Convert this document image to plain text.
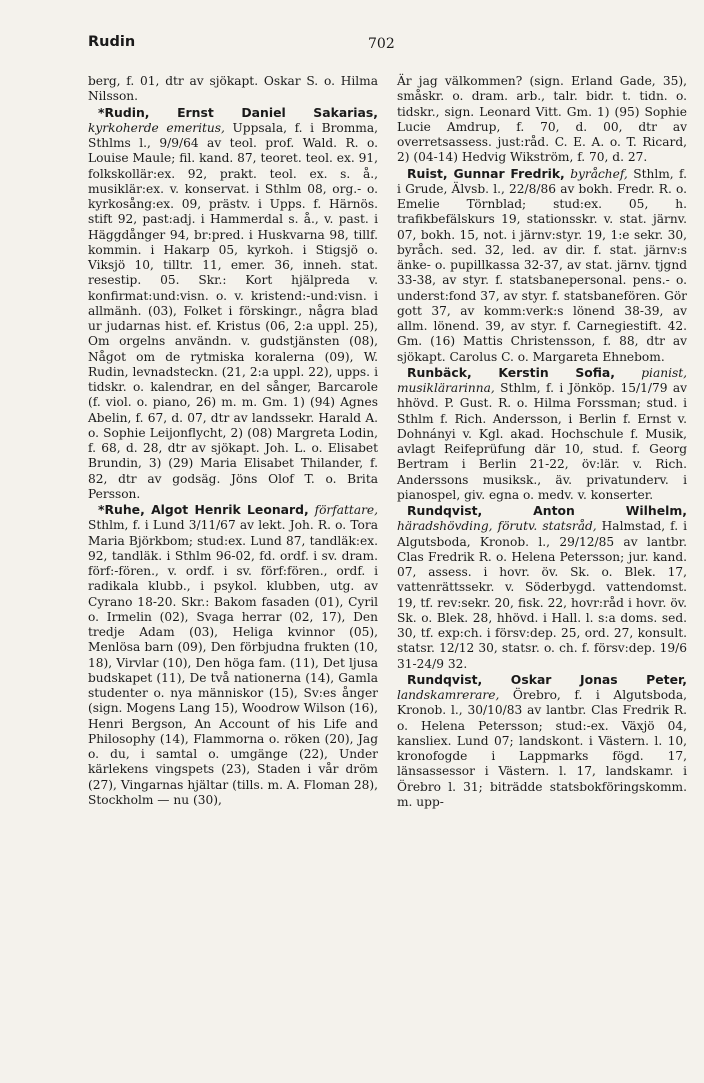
Rudin	702

berg, f. 01, dtr av sjökapt. Oskar S. o. Hilma Nilsson.

*Rudin, Ernst Daniel Sakarias, kyrkoherde emeritus, Uppsala, f. i Bromma, Sthlms l., 9/9/64 av teol. prof. Wald. R. o. Louise Maule; fil. kand. 87, teoret. teol. ex. 91, folkskollär:ex. 92, prakt. teol. ex. s. å., musiklär:ex. v. konservat. i Sthlm 08, org.- o. kyrkosång:ex. 09, prästv. i Upps. f. Härnös. stift 92, past:adj. i Hammerdal s. å., v. past. i Häggdånger 94, br:pred. i Huskvarna 98, tillf. kommin. i Hakarp 05, kyrkoh. i Stigsjö o. Viksjö 10, tilltr. 11, emer. 36, inneh. stat. resestip. 05. Skr.: Kort hjälpreda v. konfirmat:und:visn. o. v. kristend:-und:visn. i allmänh. (03), Folket i förskingr., några blad ur judarnas hist. ef. Kristus (06, 2:a uppl. 25), Om orgelns användn. v. gudstjänsten (08), Något om de rytmiska koralerna (09), W. Rudin, levnadsteckn. (21, 2:a uppl. 22), upps. i tidskr. o. kalendrar, en del sånger, Barcarole (f. viol. o. piano, 26) m. m. Gm. 1) (94) Agnes Abelin, f. 67, d. 07, dtr av landssekr. Harald A. o. Sophie Leijonflycht, 2) (08) Margreta Lodin, f. 68, d. 28, dtr av sjökapt. Joh. L. o. Elisabet Brundin, 3) (29) Maria Elisabet Thilander, f. 82, dtr av godsäg. Jöns Olof T. o. Brita Persson.

*Ruhe, Algot Henrik Leonard, författare, Sthlm, f. i Lund 3/11/67 av lekt. Joh. R. o. Tora Maria Björkbom; stud:ex. Lund 87, tandläk:ex. 92, tandläk. i Sthlm 96-02, fd. ordf. i sv. dram. förf:-fören., v. ordf. i sv. förf:fören., ordf. i radikala klubb., i psykol. klubben, utg. av Cyrano 18-20. Skr.: Bakom fasaden (01), Cyril o. Irmelin (02), Svaga herrar (02, 17), Den tredje Adam (03), Heliga kvinnor (05), Menlösa barn (09), Den förbjudna frukten (10, 18), Virvlar (10), Den höga fam. (11), Det ljusa budskapet (11), De två nationerna (14), Gamla studenter o. nya människor (15), Sv:es ånger (sign. Mogens Lang 15), Woodrow Wilson (16), Henri Bergson, An Account of his Life and Philosophy (14), Flammorna o. röken (20), Jag o. du, i samtal o. umgänge (22), Under kärlekens vingspets (23), Staden i vår dröm (27), Vingarnas hjältar (tills. m. A. Floman 28), Stockholm — nu (30),

Är jag välkommen? (sign. Erland Gade, 35), småskr. o. dram. arb., talr. bidr. t. tidn. o. tidskr., sign. Leonard Vitt. Gm. 1) (95) Sophie Lucie Amdrup, f. 70, d. 00, dtr av overretsassess. just:råd. C. E. A. o. T. Ricard, 2) (04-14) Hedvig Wikström, f. 70, d. 27.

Ruist, Gunnar Fredrik, byråchef, Sthlm, f. i Grude, Älvsb. l., 22/8/86 av bokh. Fredr. R. o. Emelie Törnblad; stud:ex. 05, h. trafikbefälskurs 19, stationsskr. v. stat. järnv. 07, bokh. 15, not. i järnv:styr. 19, 1:e sekr. 30, byråch. sed. 32, led. av dir. f. stat. järnv:s änke- o. pupillkassa 32-37, av stat. järnv. tjgnd 33-38, av styr. f. statsbanepersonal. pens.- o. underst:fond 37, av styr. f. statsbanefören. Gör gott 37, av komm:verk:s lönend 38-39, av allm. lönend. 39, av styr. f. Carnegiestift. 42. Gm. (16) Mattis Christensson, f. 88, dtr av sjökapt. Carolus C. o. Margareta Ehnebom.

Runbäck, Kerstin Sofia, pianist, musiklärarinna, Sthlm, f. i Jönköp. 15/1/79 av hhövd. P. Gust. R. o. Hilma Forssman; stud. i Sthlm f. Rich. Andersson, i Berlin f. Ernst v. Dohnányi v. Kgl. akad. Hochschule f. Musik, avlagt Reifeprüfung där 10, stud. f. Georg Bertram i Berlin 21-22, öv:lär. v. Rich. Anderssons musiksk., äv. privatunderv. i pianospel, giv. egna o. medv. v. konserter.

Rundqvist, Anton Wilhelm, häradshövding, förutv. statsråd, Halmstad, f. i Algutsboda, Kronob. l., 29/12/85 av lantbr. Clas Fredrik R. o. Helena Petersson; jur. kand. 07, assess. i hovr. öv. Sk. o. Blek. 17, vattenrättssekr. v. Söderbygd. vattendomst. 19, tf. rev:sekr. 20, fisk. 22, hovr:råd i hovr. öv. Sk. o. Blek. 28, hhövd. i Hall. l. s:a doms. sed. 30, tf. exp:ch. i försv:dep. 25, ord. 27, konsult. statsr. 12/12 30, statsr. o. ch. f. försv:dep. 19/6 31-24/9 32.

Rundqvist, Oskar Jonas Peter, landskamrerare, Örebro, f. i Algutsboda, Kronob. l., 30/10/83 av lantbr. Clas Fredrik R. o. Helena Petersson; stud:-ex. Växjö 04, kansliex. Lund 07; landskont. i Västern. l. 10, kronofogde i Lappmarks fögd. 17, länsassessor i Västern. l. 17, landskamr. i Örebro l. 31; biträdde statsbokföringskomm. m. upp-
